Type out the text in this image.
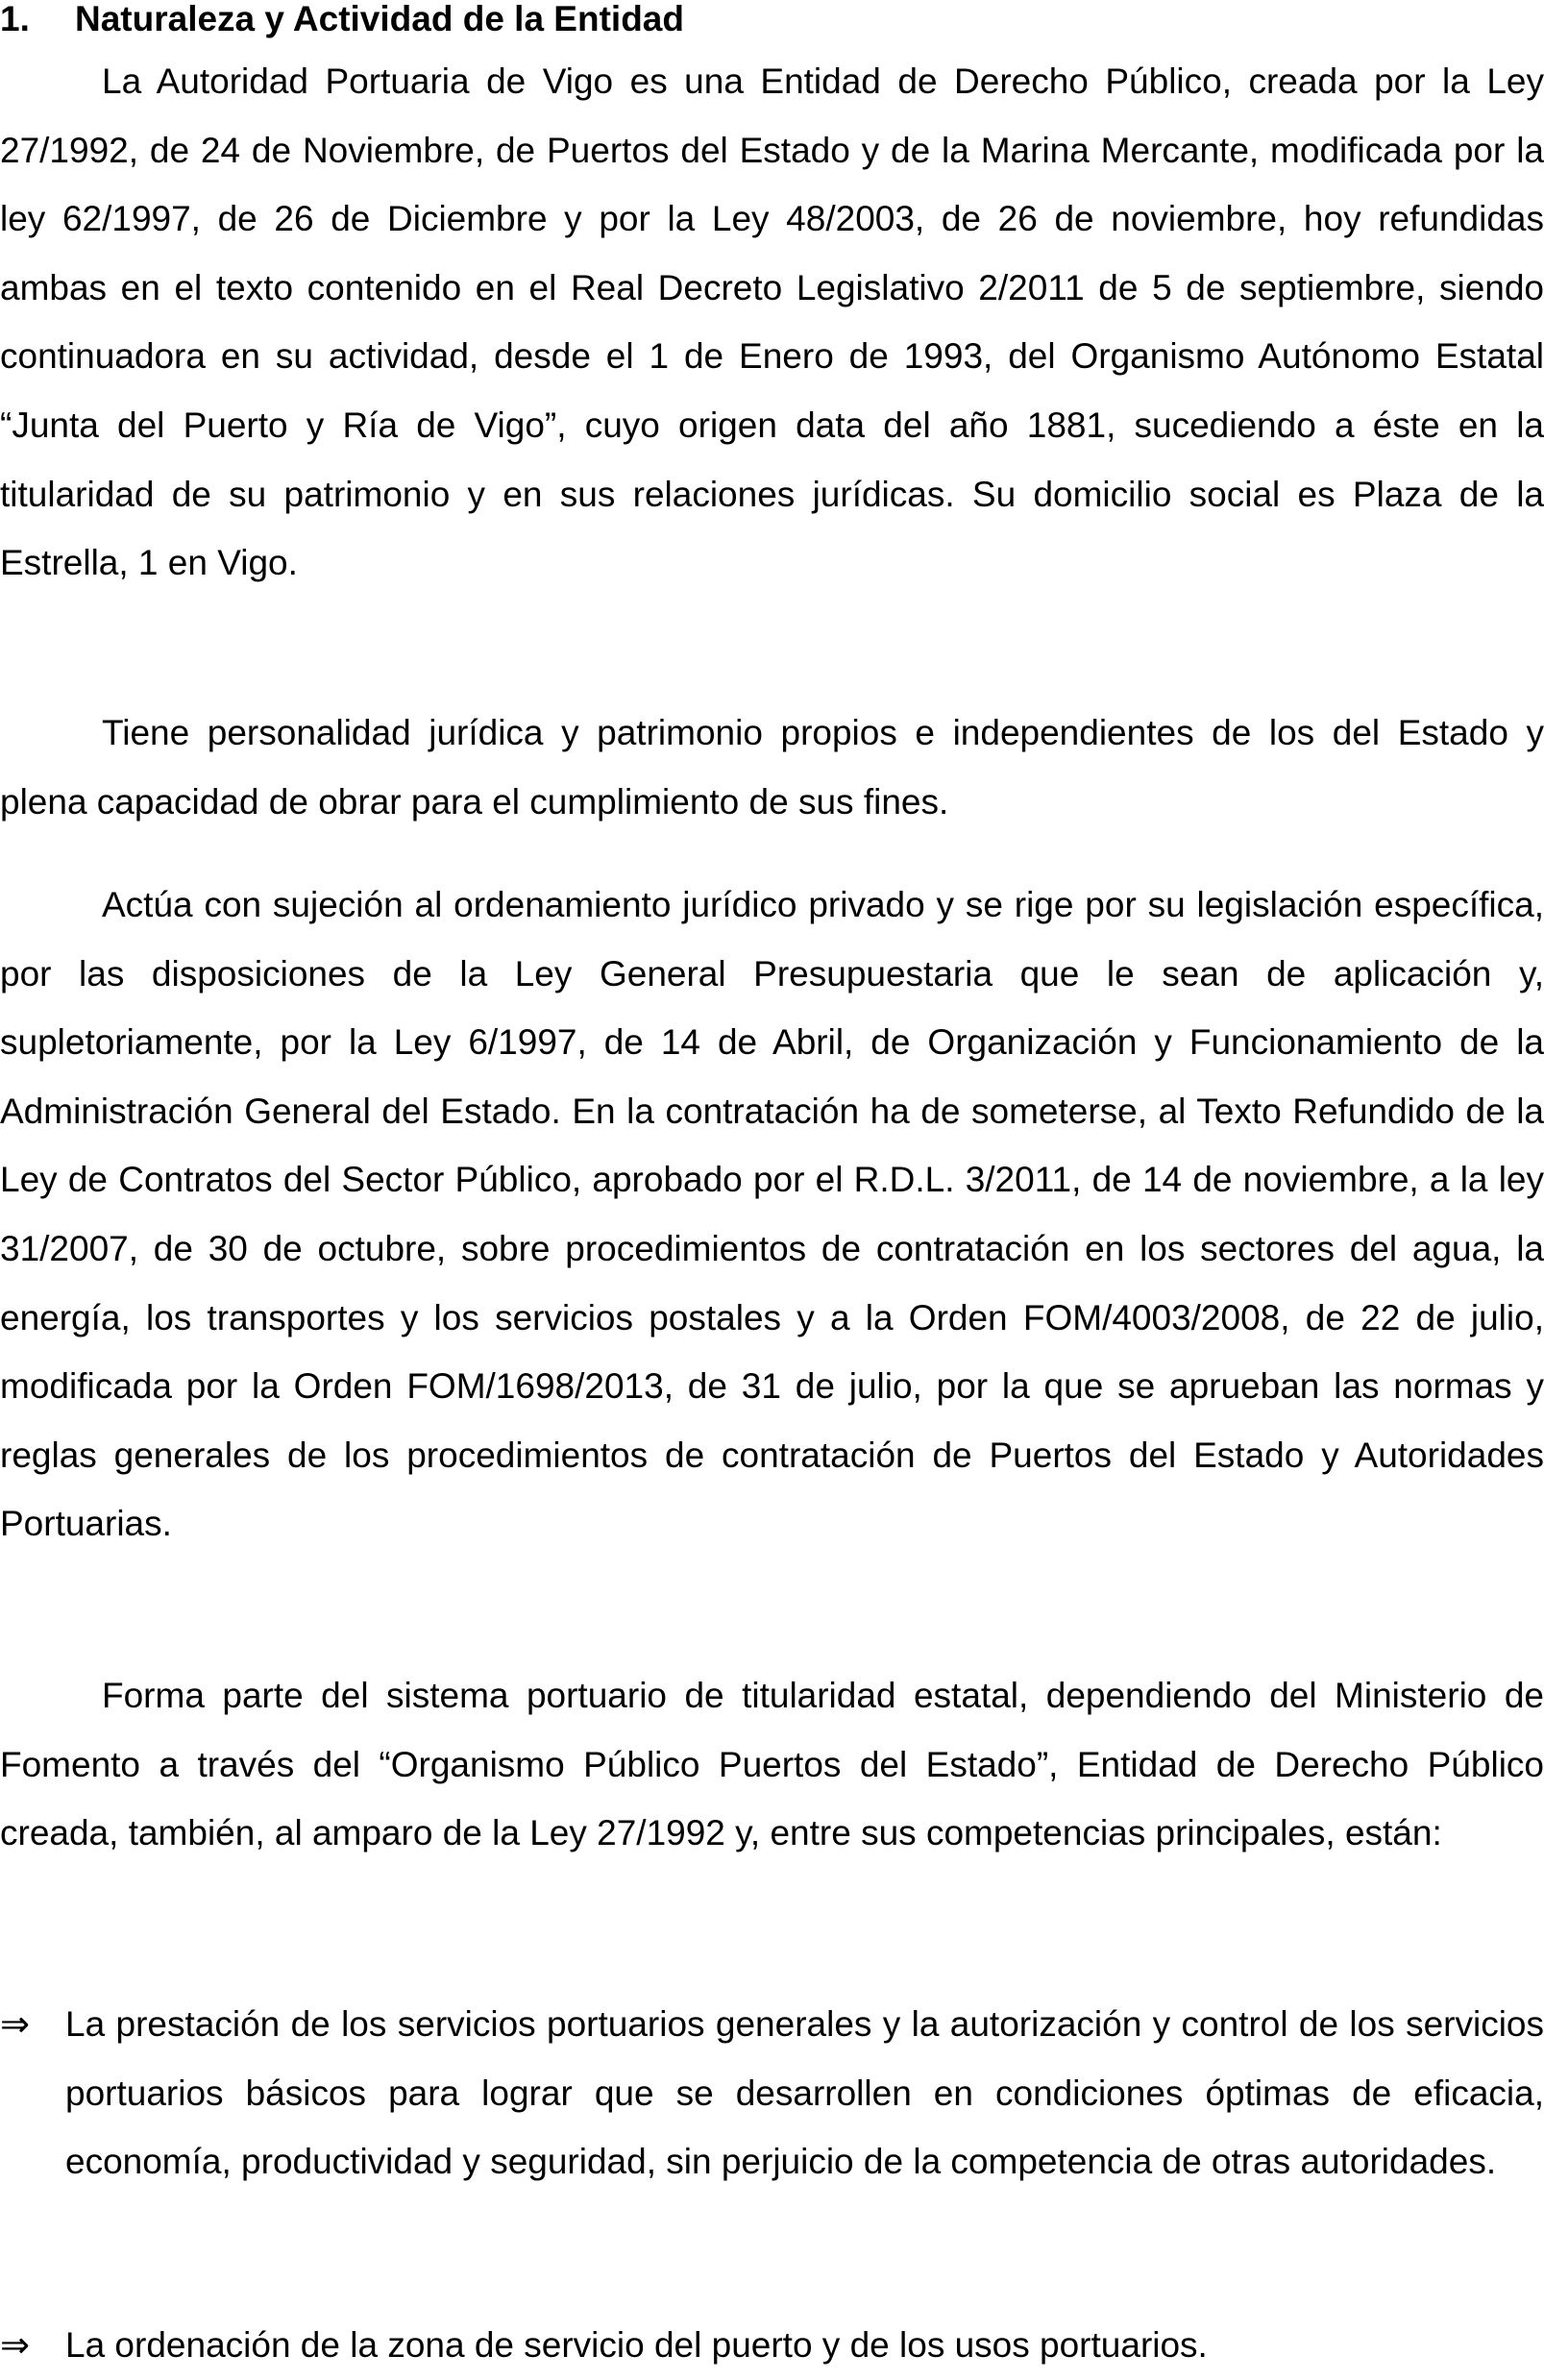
1. Naturaleza y Actividad de la Entidad

La Autoridad Portuaria de Vigo es una Entidad de Derecho Público, creada por la Ley 27/1992, de 24 de Noviembre, de Puertos del Estado y de la Marina Mercante, modificada por la ley 62/1997, de 26 de Diciembre y por la Ley 48/2003, de 26 de noviembre, hoy refundidas ambas en el texto contenido en el Real Decreto Legislativo 2/2011 de 5 de septiembre, siendo continuadora en su actividad, desde el 1 de Enero de 1993, del Organismo Autónomo Estatal “Junta del Puerto y Ría de Vigo”, cuyo origen data del año 1881, sucediendo a éste en la titularidad de su patrimonio y en sus relaciones jurídicas. Su domicilio social es Plaza de la Estrella, 1 en Vigo.

Tiene personalidad jurídica y patrimonio propios e independientes de los del Estado y plena capacidad de obrar para el cumplimiento de sus fines.

Actúa con sujeción al ordenamiento jurídico privado y se rige por su legislación específica, por las disposiciones de la Ley General Presupuestaria que le sean de aplicación y, supletoriamente, por la Ley 6/1997, de 14 de Abril, de Organización y Funcionamiento de la Administración General del Estado. En la contratación ha de someterse, al Texto Refundido de la Ley de Contratos del Sector Público, aprobado por el R.D.L. 3/2011, de 14 de noviembre, a la ley 31/2007, de 30 de octubre, sobre procedimientos de contratación en los sectores del agua, la energía, los transportes y los servicios postales y a la Orden FOM/4003/2008, de 22 de julio, modificada por la Orden FOM/1698/2013, de 31 de julio, por la que se aprueban las normas y reglas generales de los procedimientos de contratación de Puertos del Estado y Autoridades Portuarias.

Forma parte del sistema portuario de titularidad estatal, dependiendo del Ministerio de Fomento a través del “Organismo Público Puertos del Estado”, Entidad de Derecho Público creada, también, al amparo de la Ley 27/1992 y, entre sus competencias principales, están:

⇒ La prestación de los servicios portuarios generales y la autorización y control de los servicios portuarios básicos para lograr que se desarrollen en condiciones óptimas de eficacia, economía, productividad y seguridad, sin perjuicio de la competencia de otras autoridades.

⇒ La ordenación de la zona de servicio del puerto y de los usos portuarios.
